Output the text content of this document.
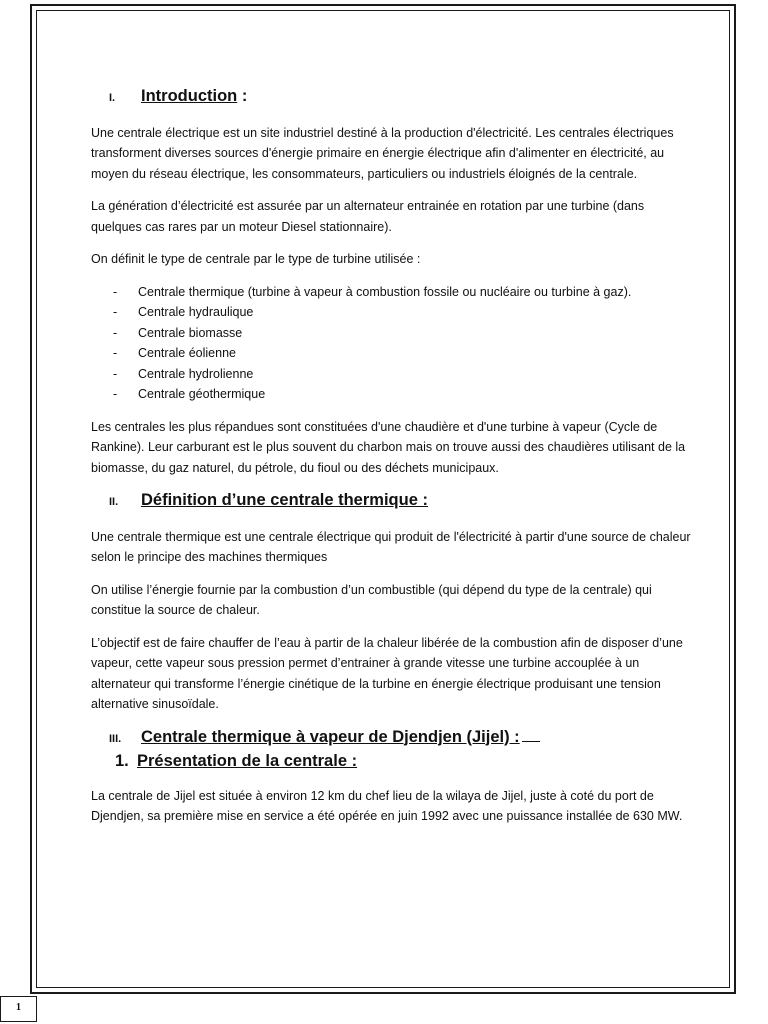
I.	Introduction :

Une centrale électrique est un site industriel destiné à la production d'électricité. Les centrales électriques transforment diverses sources d'énergie primaire en énergie électrique afin d'alimenter en électricité, au moyen du réseau électrique, les consommateurs, particuliers ou industriels éloignés de la centrale.

La génération d’électricité est assurée par un alternateur entrainée en rotation par une turbine (dans quelques cas rares par un moteur Diesel stationnaire).

On définit le type de centrale par le type de turbine utilisée :

- Centrale thermique (turbine à vapeur à combustion fossile ou nucléaire ou turbine à gaz).
- Centrale hydraulique
- Centrale biomasse
- Centrale éolienne
- Centrale hydrolienne
- Centrale géothermique

Les centrales les plus répandues sont constituées d'une chaudière et d'une turbine à vapeur (Cycle de Rankine). Leur carburant est le plus souvent du charbon mais on trouve aussi des chaudières utilisant de la biomasse, du gaz naturel, du pétrole, du fioul ou des déchets municipaux.

II.	Définition d’une centrale thermique :

Une centrale thermique est une centrale électrique qui produit de l'électricité à partir d'une source de chaleur selon le principe des machines thermiques

On utilise l’énergie fournie par la combustion d’un combustible (qui dépend du type de la centrale) qui constitue la source de chaleur.

L’objectif est de faire chauffer de l’eau à partir de la chaleur libérée de la combustion afin de disposer d’une vapeur, cette vapeur sous pression permet d’entrainer à grande vitesse une turbine accouplée à un alternateur qui transforme l’énergie cinétique de la turbine en énergie électrique produisant une tension alternative sinusoïdale.

III.	Centrale thermique à vapeur de Djendjen (Jijel) :
1. Présentation de la centrale :

La centrale de Jijel est située à environ 12 km du chef lieu de la wilaya de Jijel, juste à coté du port de Djendjen, sa première mise en service a été opérée en juin 1992 avec une puissance installée de 630 MW.

1
